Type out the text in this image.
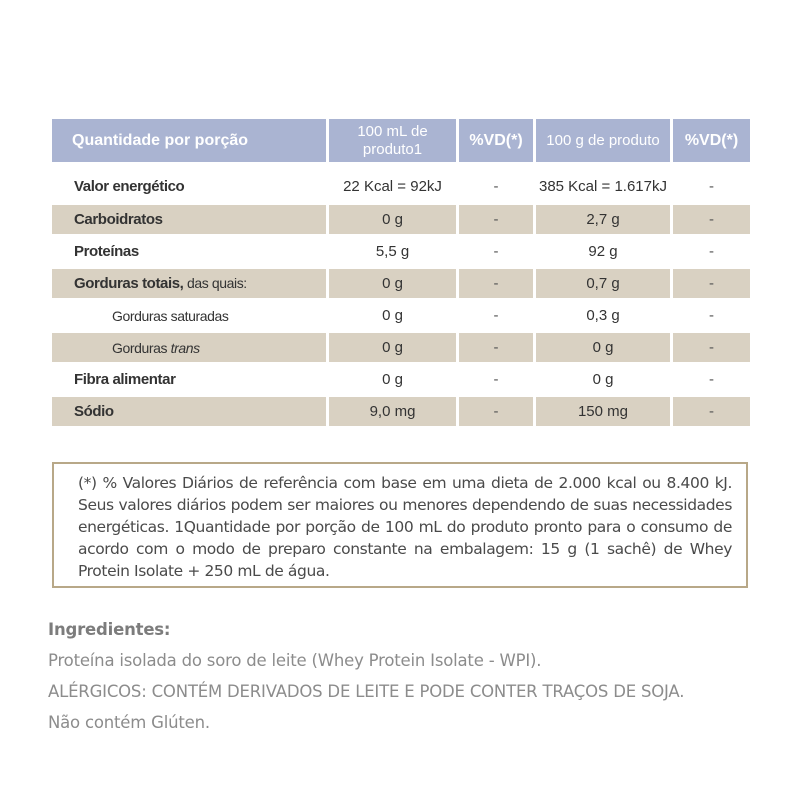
Quantidade por porção	100 mL de produto1	%VD(*)	100 g de produto	%VD(*)
Valor energético	22 Kcal = 92kJ	-	385 Kcal = 1.617kJ	-
Carboidratos	0 g	-	2,7 g	-
Proteínas	5,5 g	-	92 g	-
Gorduras totais, das quais:	0 g	-	0,7 g	-
Gorduras saturadas	0 g	-	0,3 g	-
Gorduras trans	0 g	-	0 g	-
Fibra alimentar	0 g	-	0 g	-
Sódio	9,0 mg	-	150 mg	-
(*) % Valores Diários de referência com base em uma dieta de 2.000 kcal ou 8.400 kJ. Seus valores diários podem ser maiores ou menores dependendo de suas necessidades energéticas. 1Quantidade por porção de 100 mL do produto pronto para o consumo de acordo com o modo de preparo constante na embalagem: 15 g (1 sachê) de Whey Protein Isolate + 250 mL de água.
Ingredientes:
Proteína isolada do soro de leite (Whey Protein Isolate - WPI).
ALÉRGICOS: CONTÉM DERIVADOS DE LEITE E PODE CONTER TRAÇOS DE SOJA.
Não contém Glúten.
